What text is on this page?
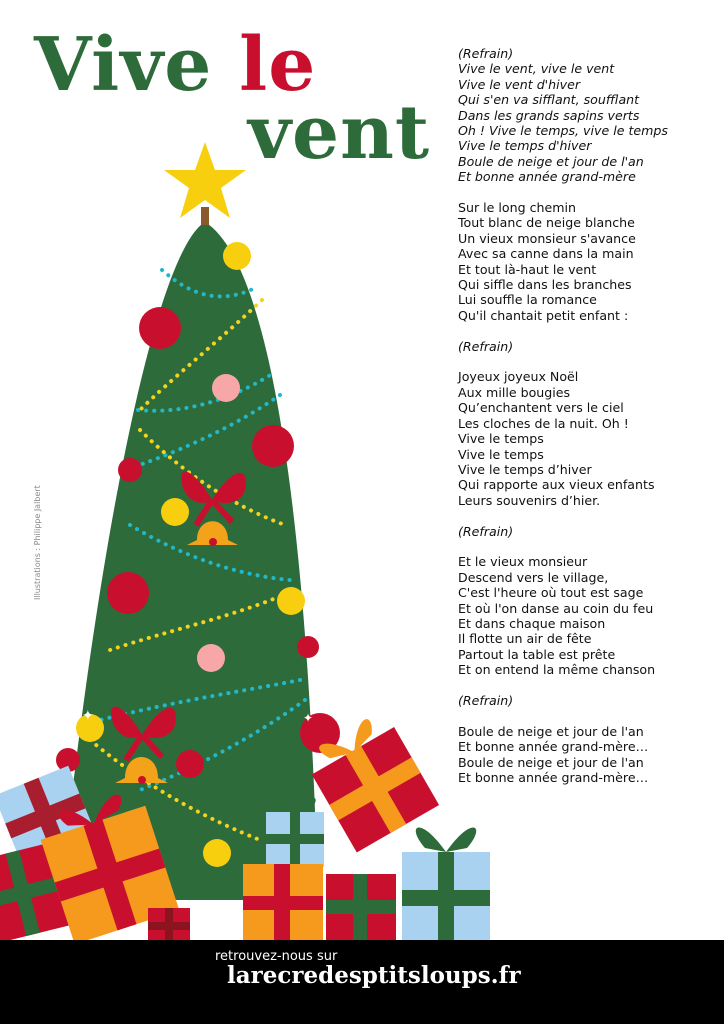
Vive le
vent
Illustrations : Philippe Jalbert
✦	✦
(Refrain)
Vive le vent, vive le vent
Vive le vent d'hiver
Qui s'en va sifflant, soufflant
Dans les grands sapins verts
Oh ! Vive le temps, vive le temps
Vive le temps d'hiver
Boule de neige et jour de l'an
Et bonne année grand-mère
Sur le long chemin
Tout blanc de neige blanche
Un vieux monsieur s'avance
Avec sa canne dans la main
Et tout là-haut le vent
Qui siffle dans les branches
Lui souffle la romance
Qu'il chantait petit enfant :
(Refrain)
Joyeux joyeux Noël
Aux mille bougies
Qu’enchantent vers le ciel
Les cloches de la nuit. Oh !
Vive le temps
Vive le temps
Vive le temps d’hiver
Qui rapporte aux vieux enfants
Leurs souvenirs d’hier.
(Refrain)
Et le vieux monsieur
Descend vers le village,
C'est l'heure où tout est sage
Et où l'on danse au coin du feu
Et dans chaque maison
Il flotte un air de fête
Partout la table est prête
Et on entend la même chanson
(Refrain)
Boule de neige et jour de l'an
Et bonne année grand-mère…
Boule de neige et jour de l'an
Et bonne année grand-mère…
retrouvez-nous sur
larecredesptitsloups.fr
